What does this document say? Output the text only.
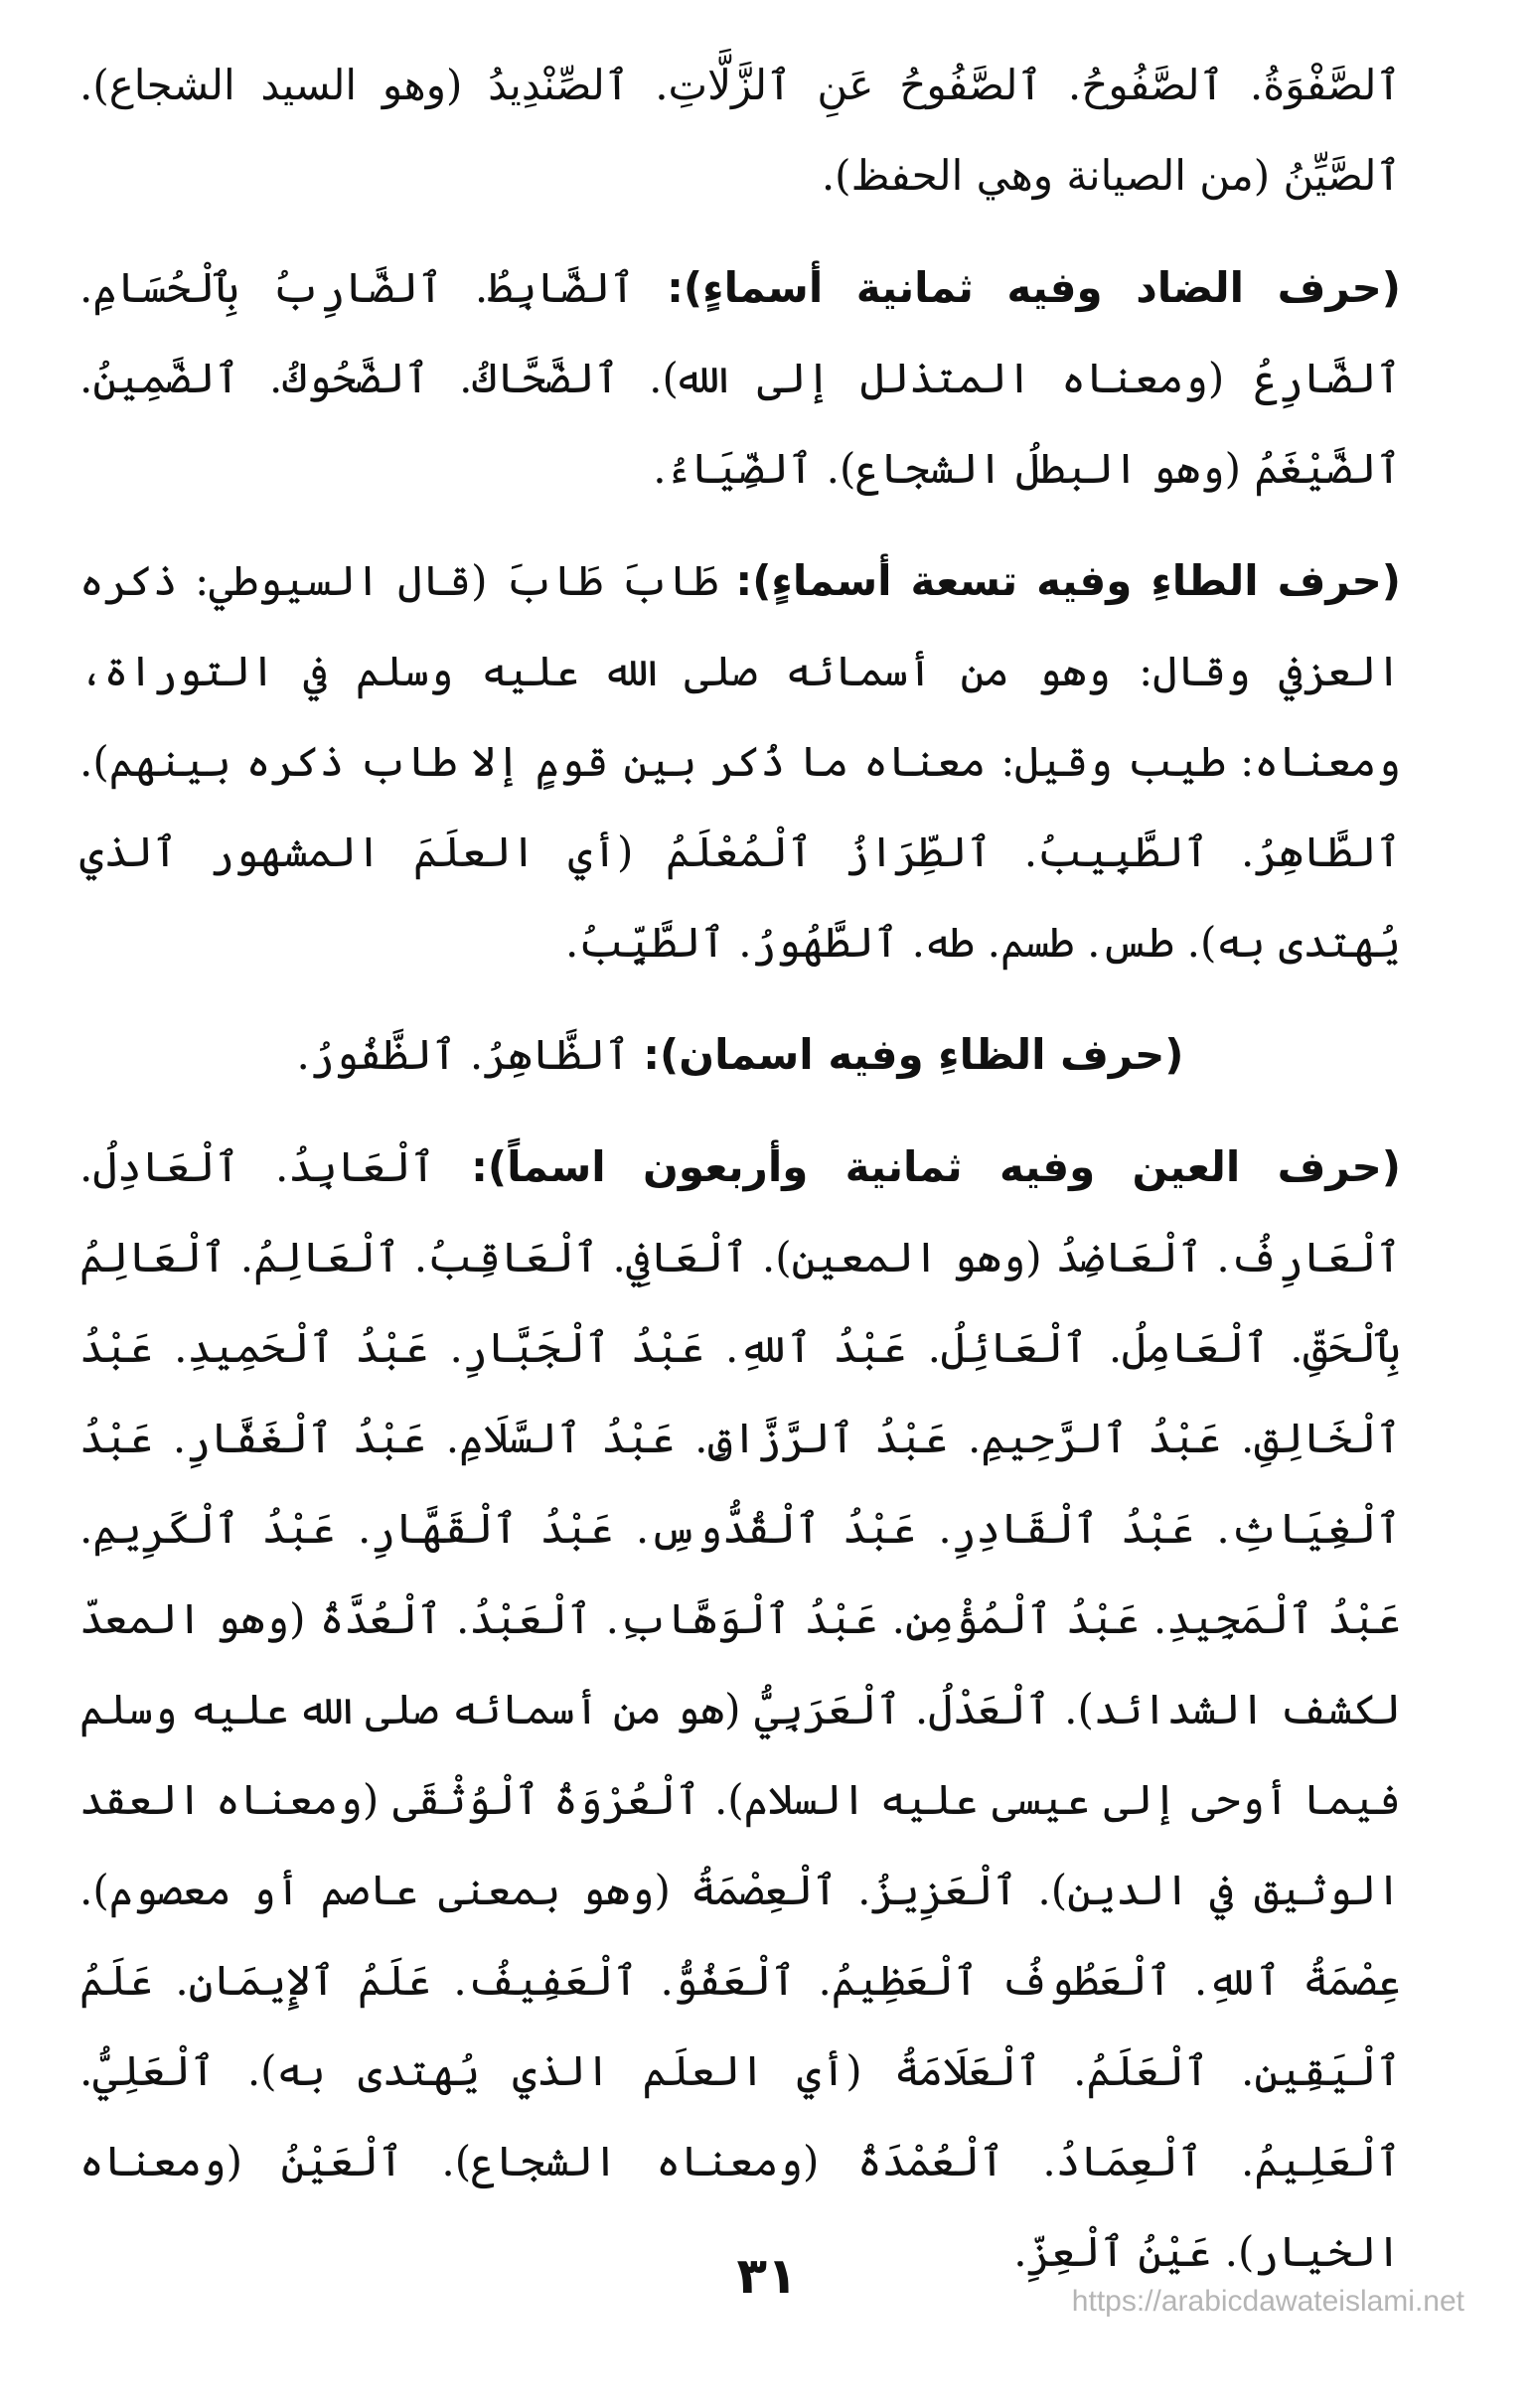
ٱلصَّفْوَةُ. ٱلصَّفُوحُ. ٱلصَّفُوحُ عَنِ ٱلزَّلَّاتِ. ٱلصِّنْدِيدُ (وهو السيد الشجاع). ٱلصَّيِّنُ (من الصيانة وهي الحفظ).

(حرف الضاد وفيه ثمانية أسماءٍ): ٱلضَّابِطُ. ٱلضَّارِبُ بِٱلْحُسَامِ. ٱلضَّارِعُ (ومعناه المتذلل إلى الله). ٱلضَّحَّاكُ. ٱلضَّحُوكُ. ٱلضَّمِينُ. ٱلضَّيْغَمُ (وهو البطلُ الشجاع). ٱلضِّيَاءُ.

(حرف الطاءِ وفيه تسعة أسماءٍ): طَابَ طَابَ (قال السيوطي: ذكره العزفي وقال: وهو من أسمائه صلى الله عليه وسلم في التوراة، ومعناه: طيب وقيل: معناه ما ذُكر بين قومٍ إلا طاب ذكره بينهم). ٱلطَّاهِرُ. ٱلطَّبِيبُ. ٱلطِّرَازُ ٱلْمُعْلَمُ (أي العلَمَ المشهور ٱلذي يُهتدى به). طس. طسم. طه. ٱلطَّهُورُ. ٱلطَّيِّبُ.

(حرف الظاءِ وفيه اسمان): ٱلظَّاهِرُ. ٱلظَّفُورُ.

(حرف العين وفيه ثمانية وأربعون اسماً): ٱلْعَابِدُ. ٱلْعَادِلُ. ٱلْعَارِفُ. ٱلْعَاضِدُ (وهو المعين). ٱلْعَافِي. ٱلْعَاقِبُ. ٱلْعَالِمُ. ٱلْعَالِمُ بِٱلْحَقِّ. ٱلْعَامِلُ. ٱلْعَائِلُ. عَبْدُ ٱللهِ. عَبْدُ ٱلْجَبَّارِ. عَبْدُ ٱلْحَمِيدِ. عَبْدُ ٱلْخَالِقِ. عَبْدُ ٱلرَّحِيمِ. عَبْدُ ٱلرَّزَّاقِ. عَبْدُ ٱلسَّلَامِ. عَبْدُ ٱلْغَفَّارِ. عَبْدُ ٱلْغِيَاثِ. عَبْدُ ٱلْقَادِرِ. عَبْدُ ٱلْقُدُّوسِ. عَبْدُ ٱلْقَهَّارِ. عَبْدُ ٱلْكَرِيمِ. عَبْدُ ٱلْمَجِيدِ. عَبْدُ ٱلْمُؤْمِنِ. عَبْدُ ٱلْوَهَّابِ. ٱلْعَبْدُ. ٱلْعُدَّةُ (وهو المعدّ لكشف الشدائد). ٱلْعَدْلُ. ٱلْعَرَبِيُّ (هو من أسمائه صلى الله عليه وسلم فيما أوحى إلى عيسى عليه السلام). ٱلْعُرْوَةُ ٱلْوُثْقَى (ومعناه العقد الوثيق في الدين). ٱلْعَزِيزُ. ٱلْعِصْمَةُ (وهو بمعنى عاصم أو معصوم). عِصْمَةُ ٱللهِ. ٱلْعَطُوفُ ٱلْعَظِيمُ. ٱلْعَفُوُّ. ٱلْعَفِيفُ. عَلَمُ ٱلإِيمَانِ. عَلَمُ ٱلْيَقِينِ. ٱلْعَلَمُ. ٱلْعَلَامَةُ (أي العلَم الذي يُهتدى به). ٱلْعَلِيُّ. ٱلْعَلِيمُ. ٱلْعِمَادُ. ٱلْعُمْدَةُ (ومعناه الشجاع). ٱلْعَيْنُ (ومعناه الخيار). عَيْنُ ٱلْعِزِّ.

٣١	https://arabicdawateislami.net
